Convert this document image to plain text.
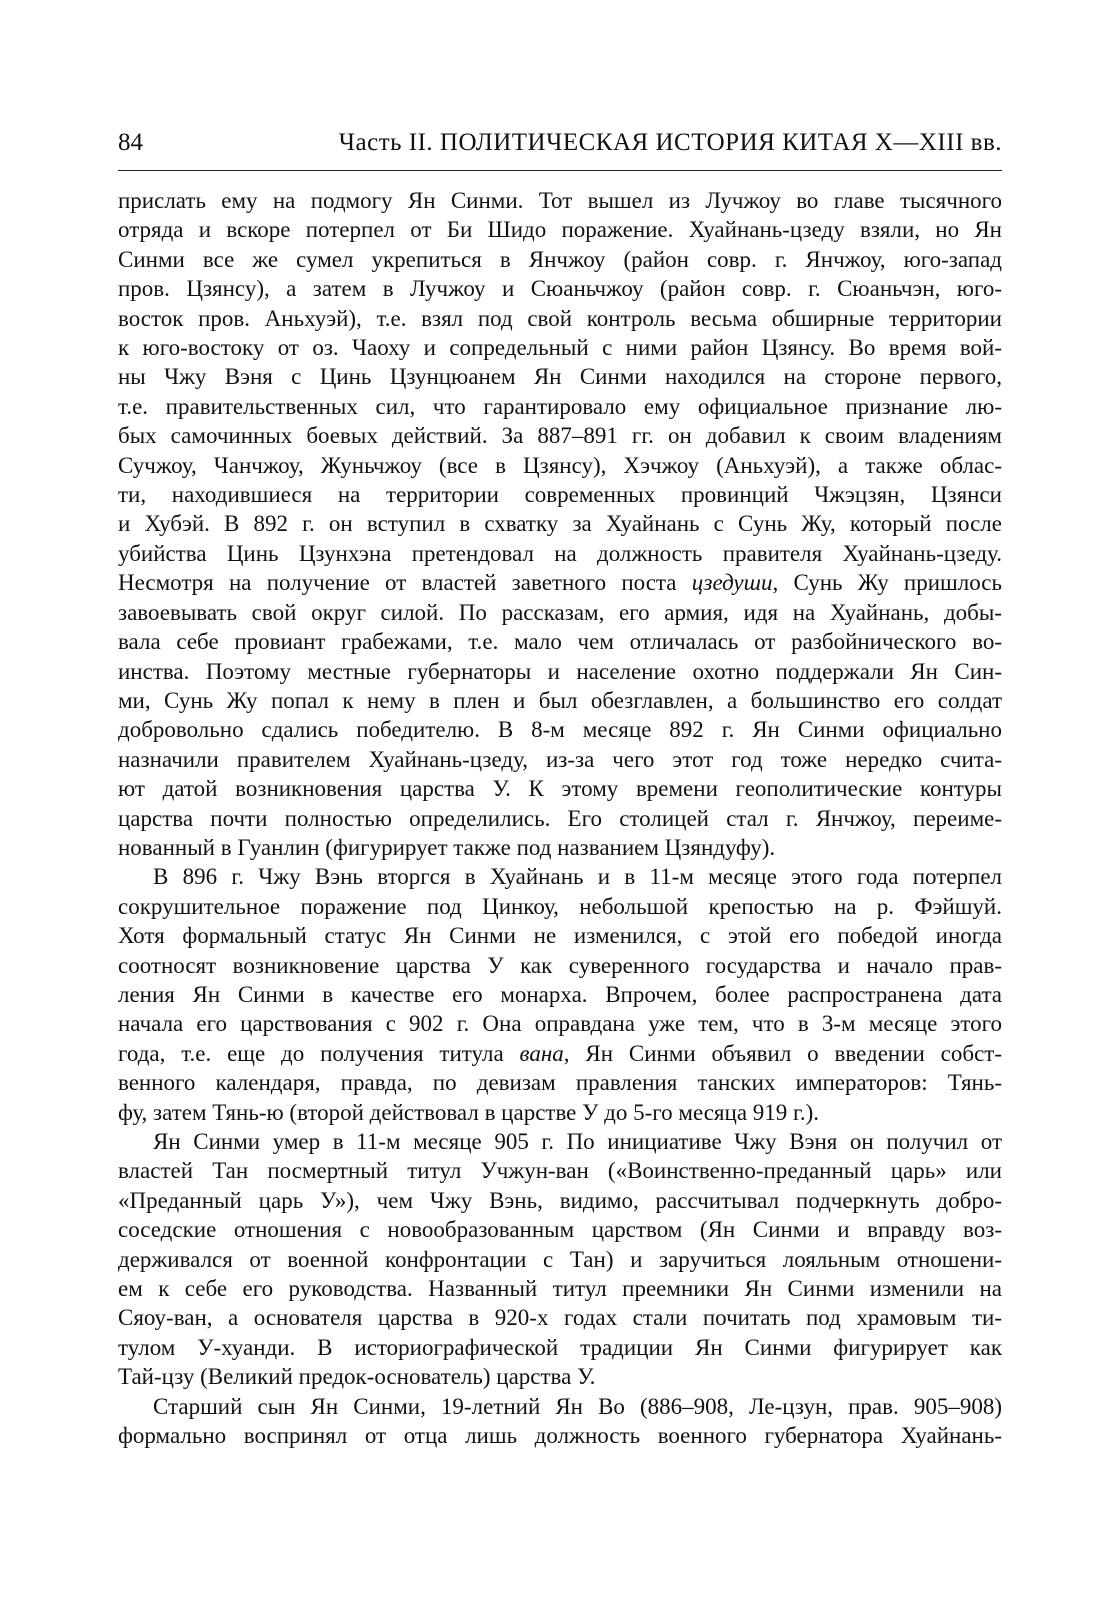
84	Часть II. ПОЛИТИЧЕСКАЯ ИСТОРИЯ КИТАЯ X—XIII вв.
прислать ему на подмогу Ян Синми. Тот вышел из Лучжоу во главе тысячного
отряда и вскоре потерпел от Би Шидо поражение. Хуайнань-цзеду взяли, но Ян
Синми все же сумел укрепиться в Янчжоу (район совр. г. Янчжоу, юго-запад
пров. Цзянсу), а затем в Лучжоу и Сюаньчжоу (район совр. г. Сюаньчэн, юго-
восток пров. Аньхуэй), т.е. взял под свой контроль весьма обширные территории
к юго-востоку от оз. Чаоху и сопредельный с ними район Цзянсу. Во время вой-
ны Чжу Вэня с Цинь Цзунцюанем Ян Синми находился на стороне первого,
т.е. правительственных сил, что гарантировало ему официальное признание лю-
бых самочинных боевых действий. За 887–891 гг. он добавил к своим владениям
Сучжоу, Чанчжоу, Жуньчжоу (все в Цзянсу), Хэчжоу (Аньхуэй), а также облас-
ти, находившиеся на территории современных провинций Чжэцзян, Цзянси
и Хубэй. В 892 г. он вступил в схватку за Хуайнань с Сунь Жу, который после
убийства Цинь Цзунхэна претендовал на должность правителя Хуайнань-цзеду.
Несмотря на получение от властей заветного поста цзедуши, Сунь Жу пришлось
завоевывать свой округ силой. По рассказам, его армия, идя на Хуайнань, добы-
вала себе провиант грабежами, т.е. мало чем отличалась от разбойнического во-
инства. Поэтому местные губернаторы и население охотно поддержали Ян Син-
ми, Сунь Жу попал к нему в плен и был обезглавлен, а большинство его солдат
добровольно сдались победителю. В 8-м месяце 892 г. Ян Синми официально
назначили правителем Хуайнань-цзеду, из-за чего этот год тоже нередко счита-
ют датой возникновения царства У. К этому времени геополитические контуры
царства почти полностью определились. Его столицей стал г. Янчжоу, переиме-
нованный в Гуанлин (фигурирует также под названием Цзяндуфу).
В 896 г. Чжу Вэнь вторгся в Хуайнань и в 11-м месяце этого года потерпел
сокрушительное поражение под Цинкоу, небольшой крепостью на р. Фэйшуй.
Хотя формальный статус Ян Синми не изменился, с этой его победой иногда
соотносят возникновение царства У как суверенного государства и начало прав-
ления Ян Синми в качестве его монарха. Впрочем, более распространена дата
начала его царствования с 902 г. Она оправдана уже тем, что в 3-м месяце этого
года, т.е. еще до получения титула вана, Ян Синми объявил о введении собст-
венного календаря, правда, по девизам правления танских императоров: Тянь-
фу, затем Тянь-ю (второй действовал в царстве У до 5-го месяца 919 г.).
Ян Синми умер в 11-м месяце 905 г. По инициативе Чжу Вэня он получил от
властей Тан посмертный титул Учжун-ван («Воинственно-преданный царь» или
«Преданный царь У»), чем Чжу Вэнь, видимо, рассчитывал подчеркнуть добро-
соседские отношения с новообразованным царством (Ян Синми и вправду воз-
держивался от военной конфронтации с Тан) и заручиться лояльным отношени-
ем к себе его руководства. Названный титул преемники Ян Синми изменили на
Сяоу-ван, а основателя царства в 920-х годах стали почитать под храмовым ти-
тулом У-хуанди. В историографической традиции Ян Синми фигурирует как
Тай-цзу (Великий предок-основатель) царства У.
Старший сын Ян Синми, 19-летний Ян Во (886–908, Ле-цзун, прав. 905–908)
формально воспринял от отца лишь должность военного губернатора Хуайнань-
